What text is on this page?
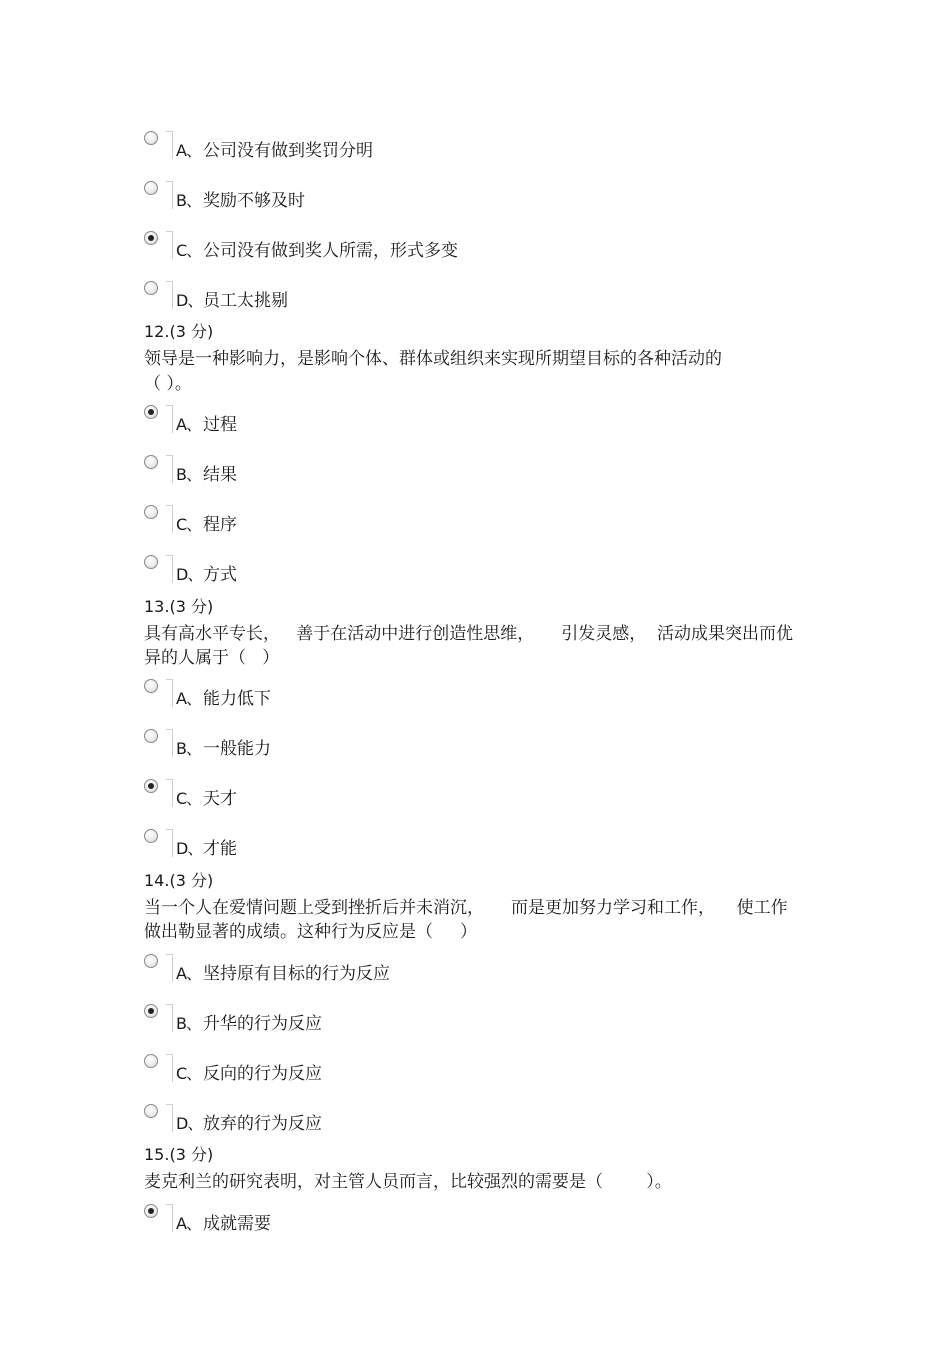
A、 公司没有做到奖罚分明
B、 奖励不够及时
C、 公司没有做到奖人所需，形式多变
D、 员工太挑剔
12.(3 分)
领导是一种影响力，是影响个体、群体或组织来实现所期望目标的各种活动的
（ ）。
A、 过程
B、 结果
C、 程序
D、 方式
13.(3 分)
具有高水平专长，   善于在活动中进行创造性思维，     引发灵感，  活动成果突出而优
异的人属于（   ）
A、 能力低下
B、 一般能力
C、 天才
D、 才能
14.(3 分)
当一个人在爱情问题上受到挫折后并未消沉，     而是更加努力学习和工作，    使工作
做出勒显著的成绩。这种行为反应是（     ）
A、 坚持原有目标的行为反应
B、 升华的行为反应
C、 反向的行为反应
D、 放弃的行为反应
15.(3 分)
麦克利兰的研究表明，对主管人员而言，比较强烈的需要是（        ）。
A、 成就需要
